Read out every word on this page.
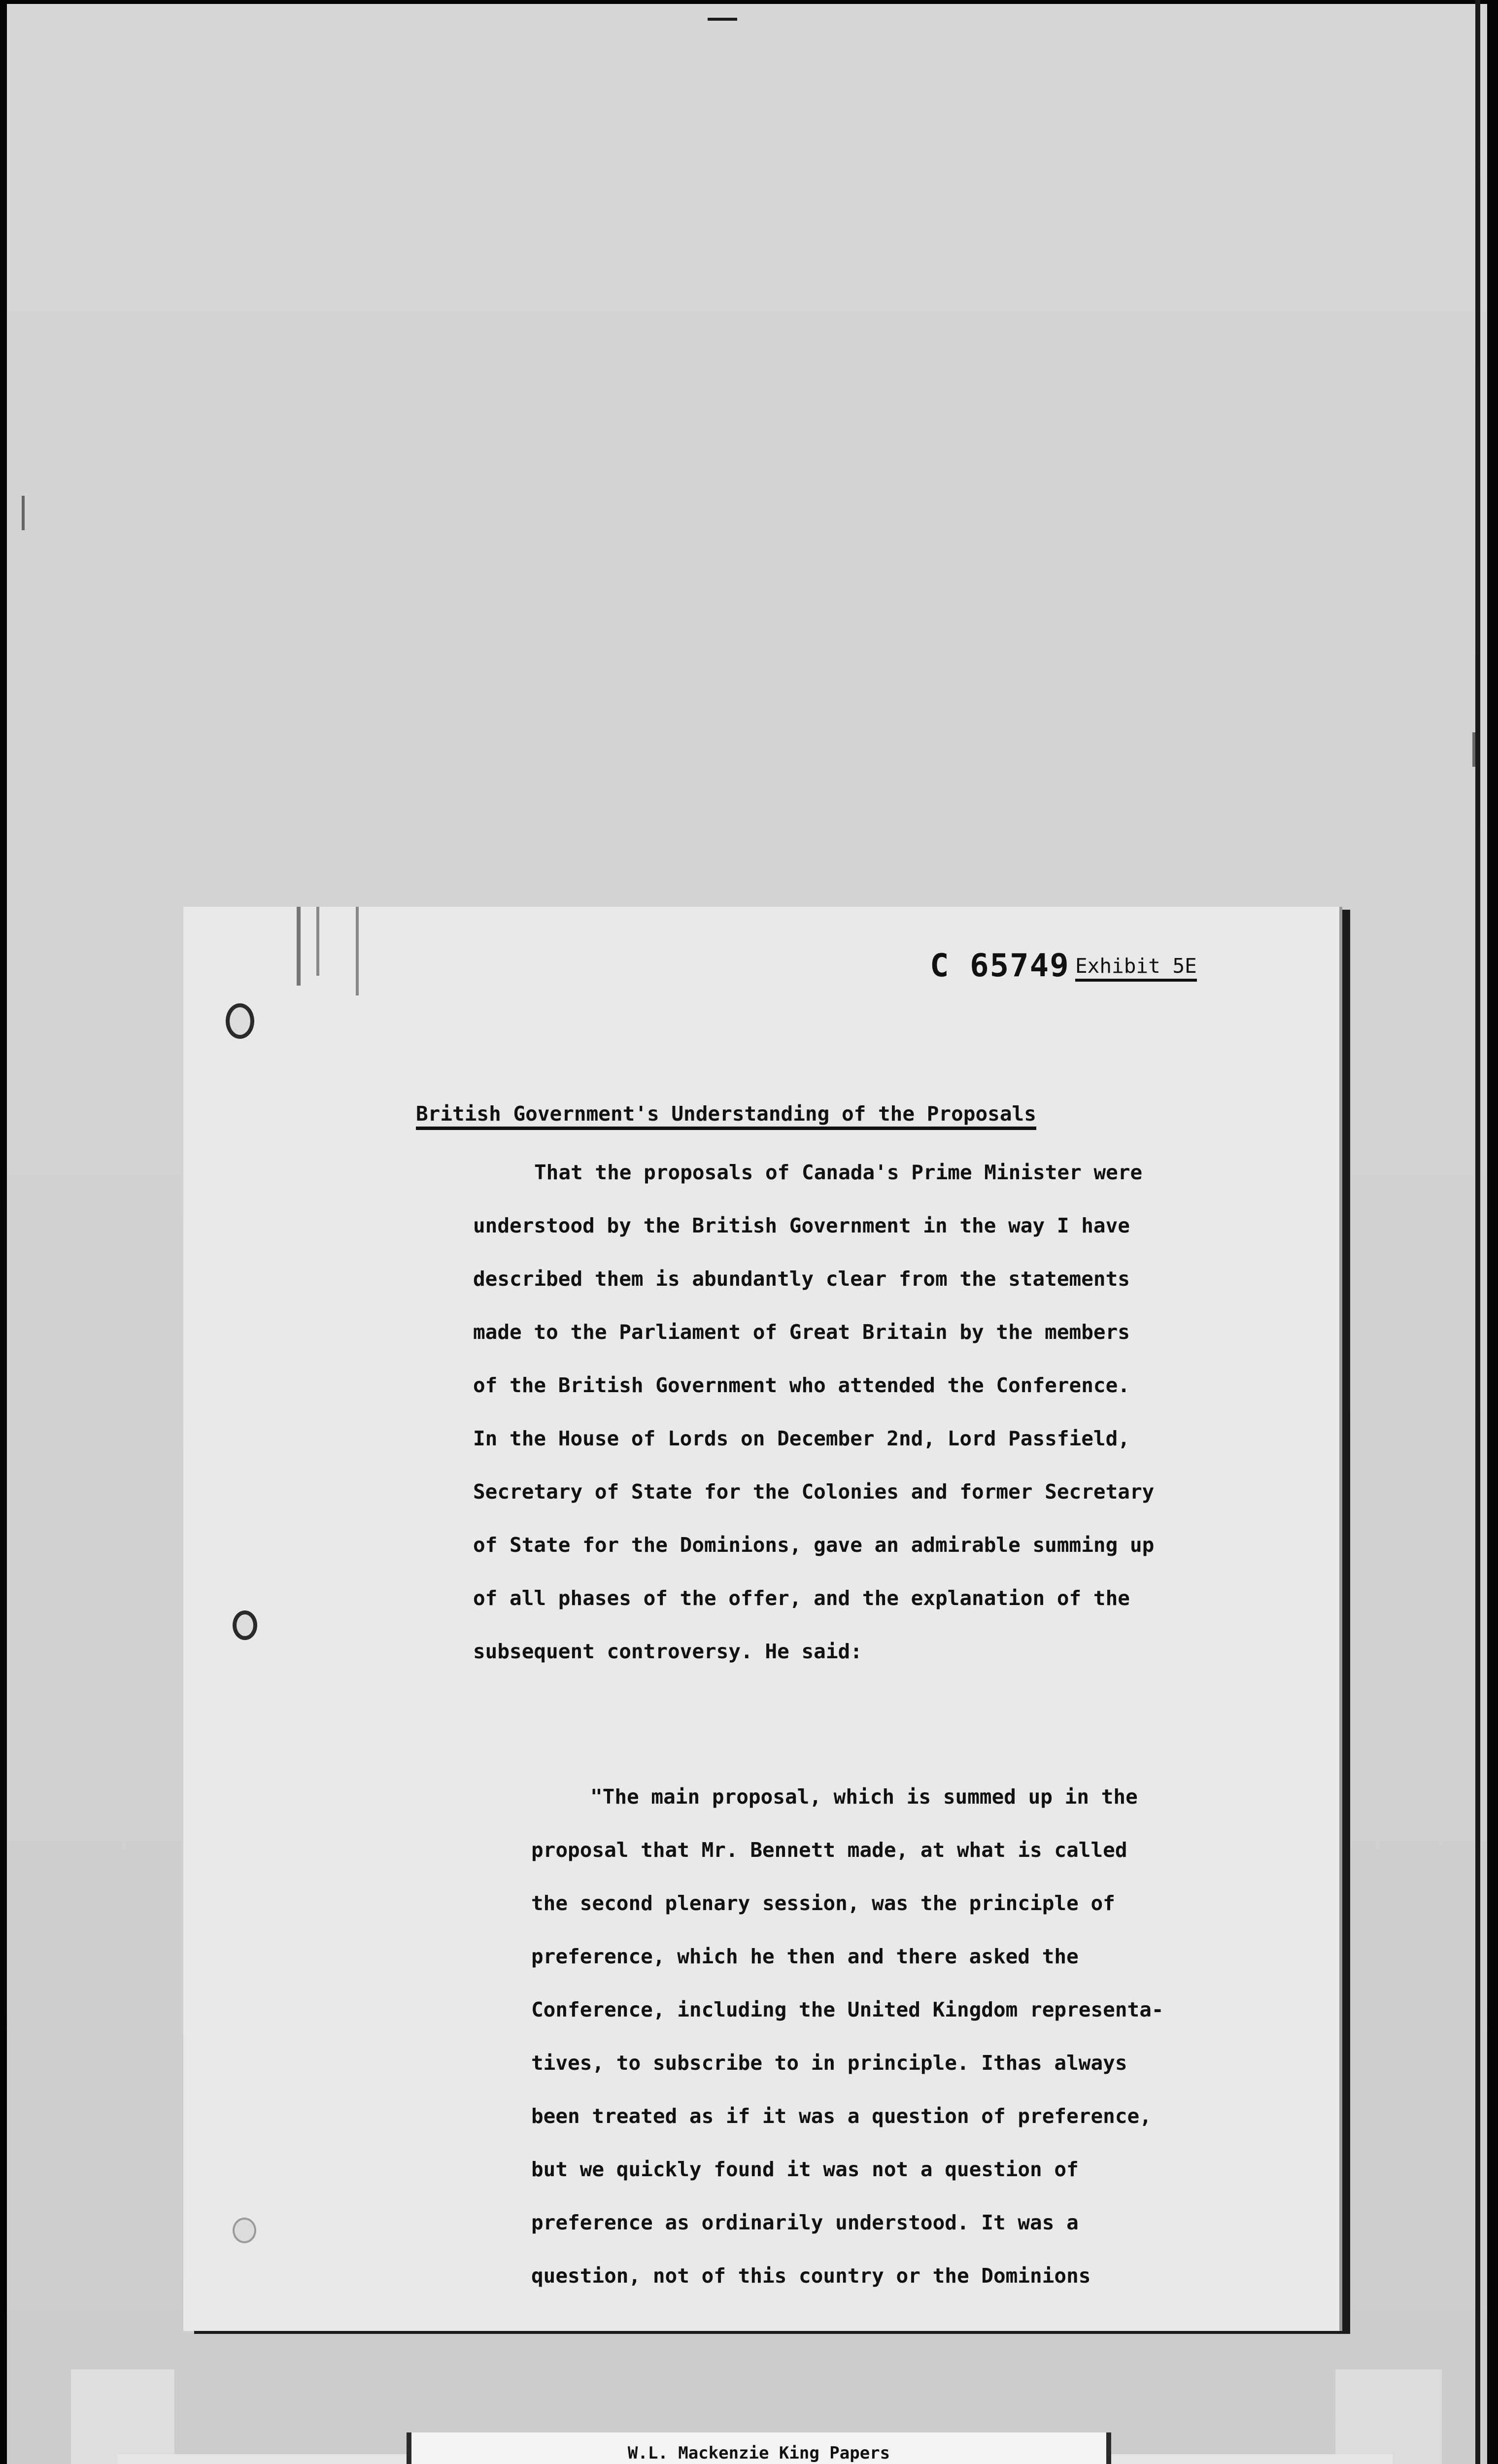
C 65749 Exhibit 5E
British Government's Understanding of the Proposals
That the proposals of Canada's Prime Minister were
understood by the British Government in the way I have
described them is abundantly clear from the statements
made to the Parliament of Great Britain by the members
of the British Government who attended the Conference.
In the House of Lords on December 2nd, Lord Passfield,
Secretary of State for the Colonies and former Secretary
of State for the Dominions, gave an admirable summing up
of all phases of the offer, and the explanation of the
subsequent controversy. He said:
"The main proposal, which is summed up in the
proposal that Mr. Bennett made, at what is called
the second plenary session, was the principle of
preference, which he then and there asked the
Conference, including the United Kingdom representa-
tives, to subscribe to in principle. Ithas always
been treated as if it was a question of preference,
but we quickly found it was not a question of
preference as ordinarily understood. It was a
question, not of this country or the Dominions
W.L. Mackenzie King Papers
